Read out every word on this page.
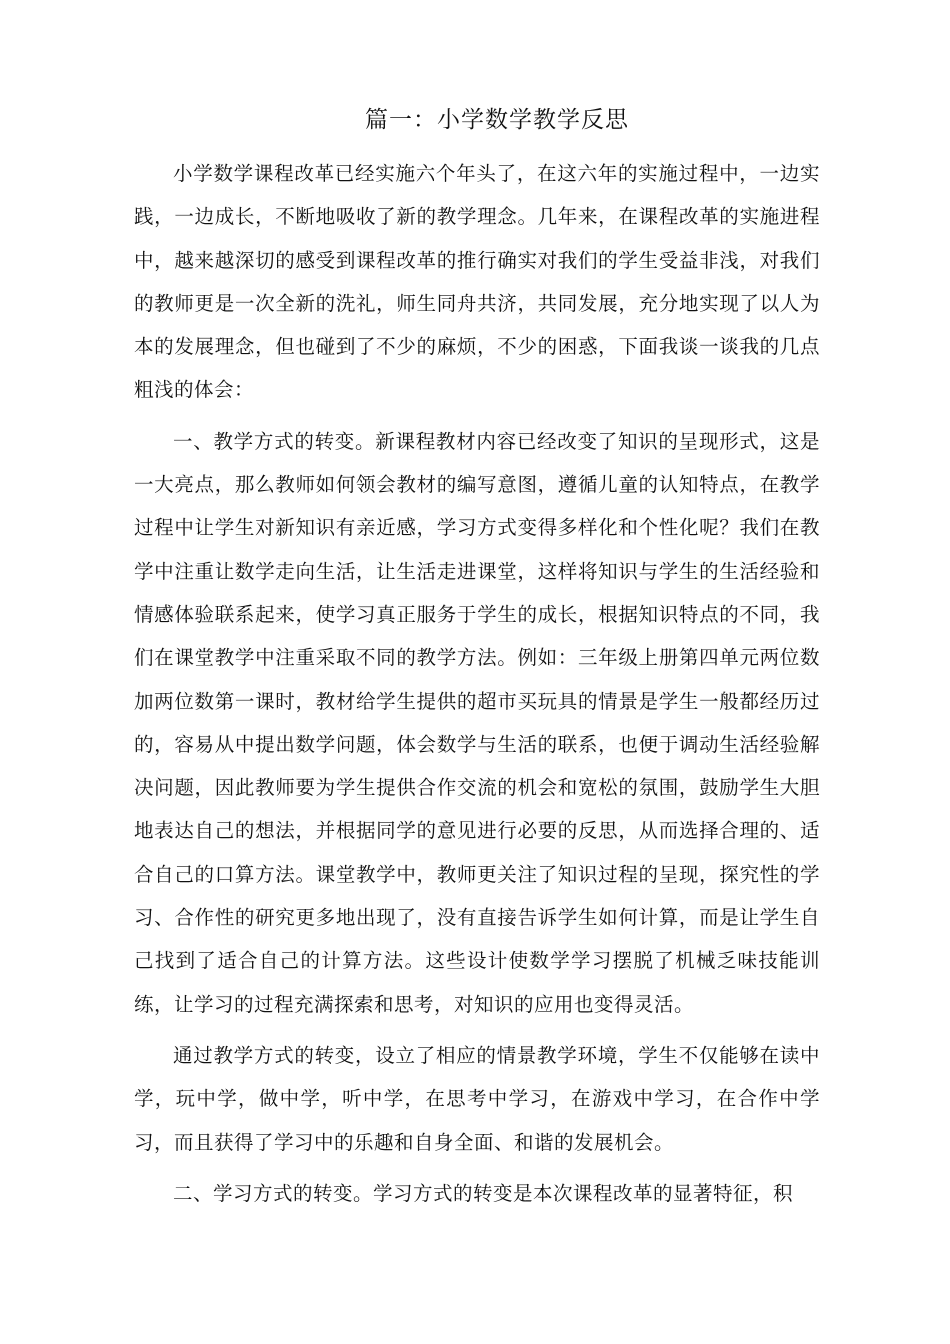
篇一：小学数学教学反思

小学数学课程改革已经实施六个年头了，在这六年的实施过程中，一边实践，一边成长，不断地吸收了新的教学理念。几年来，在课程改革的实施进程中，越来越深切的感受到课程改革的推行确实对我们的学生受益非浅，对我们的教师更是一次全新的洗礼，师生同舟共济，共同发展，充分地实现了以人为本的发展理念，但也碰到了不少的麻烦，不少的困惑，下面我谈一谈我的几点粗浅的体会：

一、教学方式的转变。新课程教材内容已经改变了知识的呈现形式，这是一大亮点，那么教师如何领会教材的编写意图，遵循儿童的认知特点，在教学过程中让学生对新知识有亲近感，学习方式变得多样化和个性化呢？我们在教学中注重让数学走向生活，让生活走进课堂，这样将知识与学生的生活经验和情感体验联系起来，使学习真正服务于学生的成长，根据知识特点的不同，我们在课堂教学中注重采取不同的教学方法。例如：三年级上册第四单元两位数加两位数第一课时，教材给学生提供的超市买玩具的情景是学生一般都经历过的，容易从中提出数学问题，体会数学与生活的联系，也便于调动生活经验解决问题，因此教师要为学生提供合作交流的机会和宽松的氛围，鼓励学生大胆地表达自己的想法，并根据同学的意见进行必要的反思，从而选择合理的、适合自己的口算方法。课堂教学中，教师更关注了知识过程的呈现，探究性的学习、合作性的研究更多地出现了，没有直接告诉学生如何计算，而是让学生自己找到了适合自己的计算方法。这些设计使数学学习摆脱了机械乏味技能训练，让学习的过程充满探索和思考，对知识的应用也变得灵活。

通过教学方式的转变，设立了相应的情景教学环境，学生不仅能够在读中学，玩中学，做中学，听中学，在思考中学习，在游戏中学习，在合作中学习，而且获得了学习中的乐趣和自身全面、和谐的发展机会。

二、学习方式的转变。学习方式的转变是本次课程改革的显著特征，积
